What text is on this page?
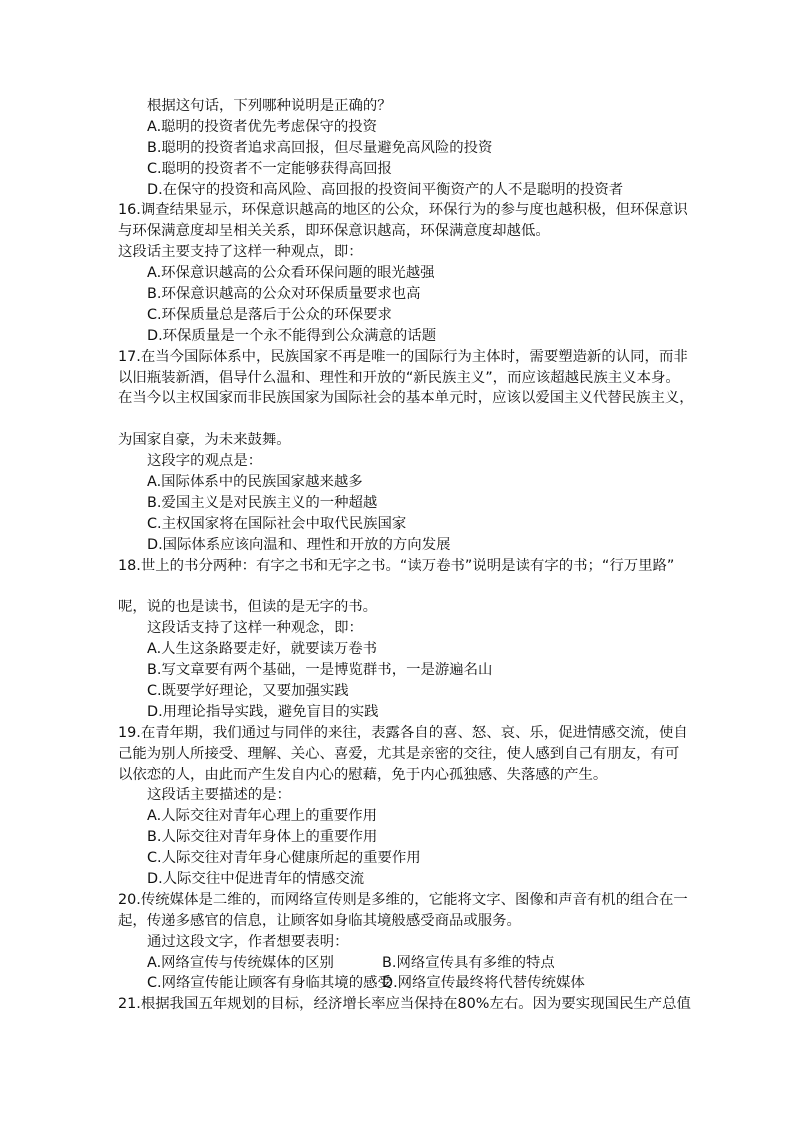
根据这句话，下列哪种说明是正确的？
A.聪明的投资者优先考虑保守的投资
B.聪明的投资者追求高回报，但尽量避免高风险的投资
C.聪明的投资者不一定能够获得高回报
D.在保守的投资和高风险、高回报的投资间平衡资产的人不是聪明的投资者
16.调查结果显示，环保意识越高的地区的公众，环保行为的参与度也越积极，但环保意识
与环保满意度却呈相关关系，即环保意识越高，环保满意度却越低。
这段话主要支持了这样一种观点，即：
A.环保意识越高的公众看环保问题的眼光越强
B.环保意识越高的公众对环保质量要求也高
C.环保质量总是落后于公众的环保要求
D.环保质量是一个永不能得到公众满意的话题
17.在当今国际体系中，民族国家不再是唯一的国际行为主体时，需要塑造新的认同，而非
以旧瓶装新酒，倡导什么温和、理性和开放的“新民族主义”，而应该超越民族主义本身。
在当今以主权国家而非民族国家为国际社会的基本单元时，应该以爱国主义代替民族主义，
为国家自豪，为未来鼓舞。
这段字的观点是：
A.国际体系中的民族国家越来越多
B.爱国主义是对民族主义的一种超越
C.主权国家将在国际社会中取代民族国家
D.国际体系应该向温和、理性和开放的方向发展
18.世上的书分两种：有字之书和无字之书。“读万卷书”说明是读有字的书；“行万里路”
呢，说的也是读书，但读的是无字的书。
这段话支持了这样一种观念，即：
A.人生这条路要走好，就要读万卷书
B.写文章要有两个基础，一是博览群书，一是游遍名山
C.既要学好理论，又要加强实践
D.用理论指导实践，避免盲目的实践
19.在青年期，我们通过与同伴的来往，表露各自的喜、怒、哀、乐，促进情感交流，使自
己能为别人所接受、理解、关心、喜爱，尤其是亲密的交往，使人感到自己有朋友，有可
以依恋的人，由此而产生发自内心的慰藉，免于内心孤独感、失落感的产生。
这段话主要描述的是：
A.人际交往对青年心理上的重要作用
B.人际交往对青年身体上的重要作用
C.人际交往对青年身心健康所起的重要作用
D.人际交往中促进青年的情感交流
20.传统媒体是二维的，而网络宣传则是多维的，它能将文字、图像和声音有机的组合在一
起，传递多感官的信息，让顾客如身临其境般感受商品或服务。
通过这段文字，作者想要表明：
A.网络宣传与传统媒体的区别	B.网络宣传具有多维的特点
C.网络宣传能让顾客有身临其境的感受
D.网络宣传最终将代替传统媒体
21.根据我国五年规划的目标，经济增长率应当保持在80%左右。因为要实现国民生产总值
